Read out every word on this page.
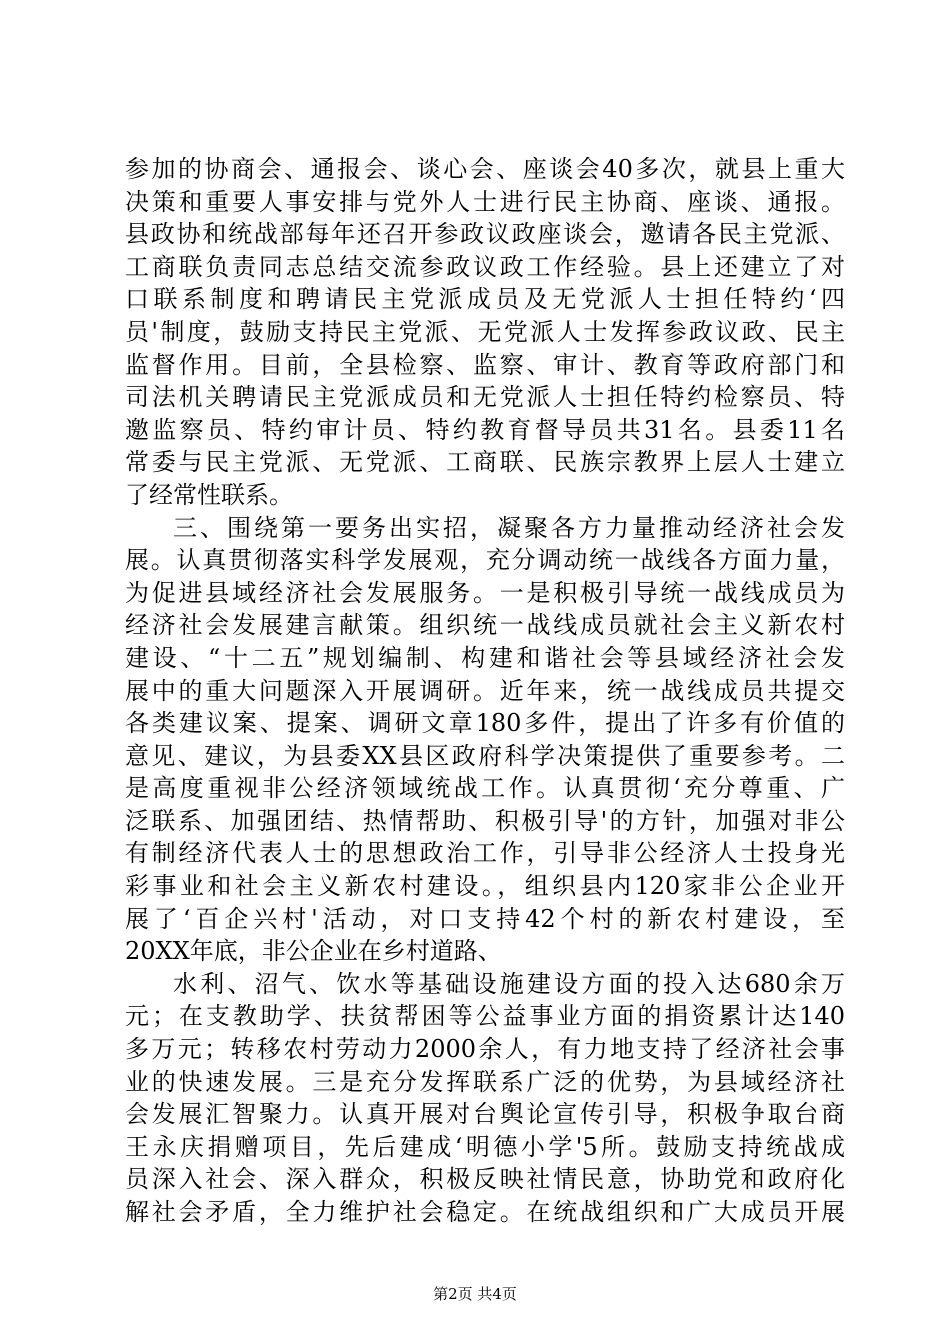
参加的协商会、通报会、谈心会、座谈会40多次，就县上重大
决策和重要人事安排与党外人士进行民主协商、座谈、通报。
县政协和统战部每年还召开参政议政座谈会，邀请各民主党派、
工商联负责同志总结交流参政议政工作经验。县上还建立了对
口联系制度和聘请民主党派成员及无党派人士担任特约‘四
员'制度，鼓励支持民主党派、无党派人士发挥参政议政、民主
监督作用。目前，全县检察、监察、审计、教育等政府部门和
司法机关聘请民主党派成员和无党派人士担任特约检察员、特
邀监察员、特约审计员、特约教育督导员共31名。县委11名
常委与民主党派、无党派、工商联、民族宗教界上层人士建立
了经常性联系。
三、围绕第一要务出实招，凝聚各方力量推动经济社会发
展。认真贯彻落实科学发展观，充分调动统一战线各方面力量，
为促进县域经济社会发展服务。一是积极引导统一战线成员为
经济社会发展建言献策。组织统一战线成员就社会主义新农村
建设、“十二五”规划编制、构建和谐社会等县域经济社会发
展中的重大问题深入开展调研。近年来，统一战线成员共提交
各类建议案、提案、调研文章180多件，提出了许多有价值的
意见、建议，为县委XX县区政府科学决策提供了重要参考。二
是高度重视非公经济领域统战工作。认真贯彻‘充分尊重、广
泛联系、加强团结、热情帮助、积极引导'的方针，加强对非公
有制经济代表人士的思想政治工作，引导非公经济人士投身光
彩事业和社会主义新农村建设。，组织县内120家非公企业开
展了‘百企兴村'活动，对口支持42个村的新农村建设，至
20XX年底，非公企业在乡村道路、
水利、沼气、饮水等基础设施建设方面的投入达680余万
元；在支教助学、扶贫帮困等公益事业方面的捐资累计达140
多万元；转移农村劳动力2000余人，有力地支持了经济社会事
业的快速发展。三是充分发挥联系广泛的优势，为县域经济社
会发展汇智聚力。认真开展对台舆论宣传引导，积极争取台商
王永庆捐赠项目，先后建成‘明德小学'5所。鼓励支持统战成
员深入社会、深入群众，积极反映社情民意，协助党和政府化
解社会矛盾，全力维护社会稳定。在统战组织和广大成员开展
第2页 共4页
